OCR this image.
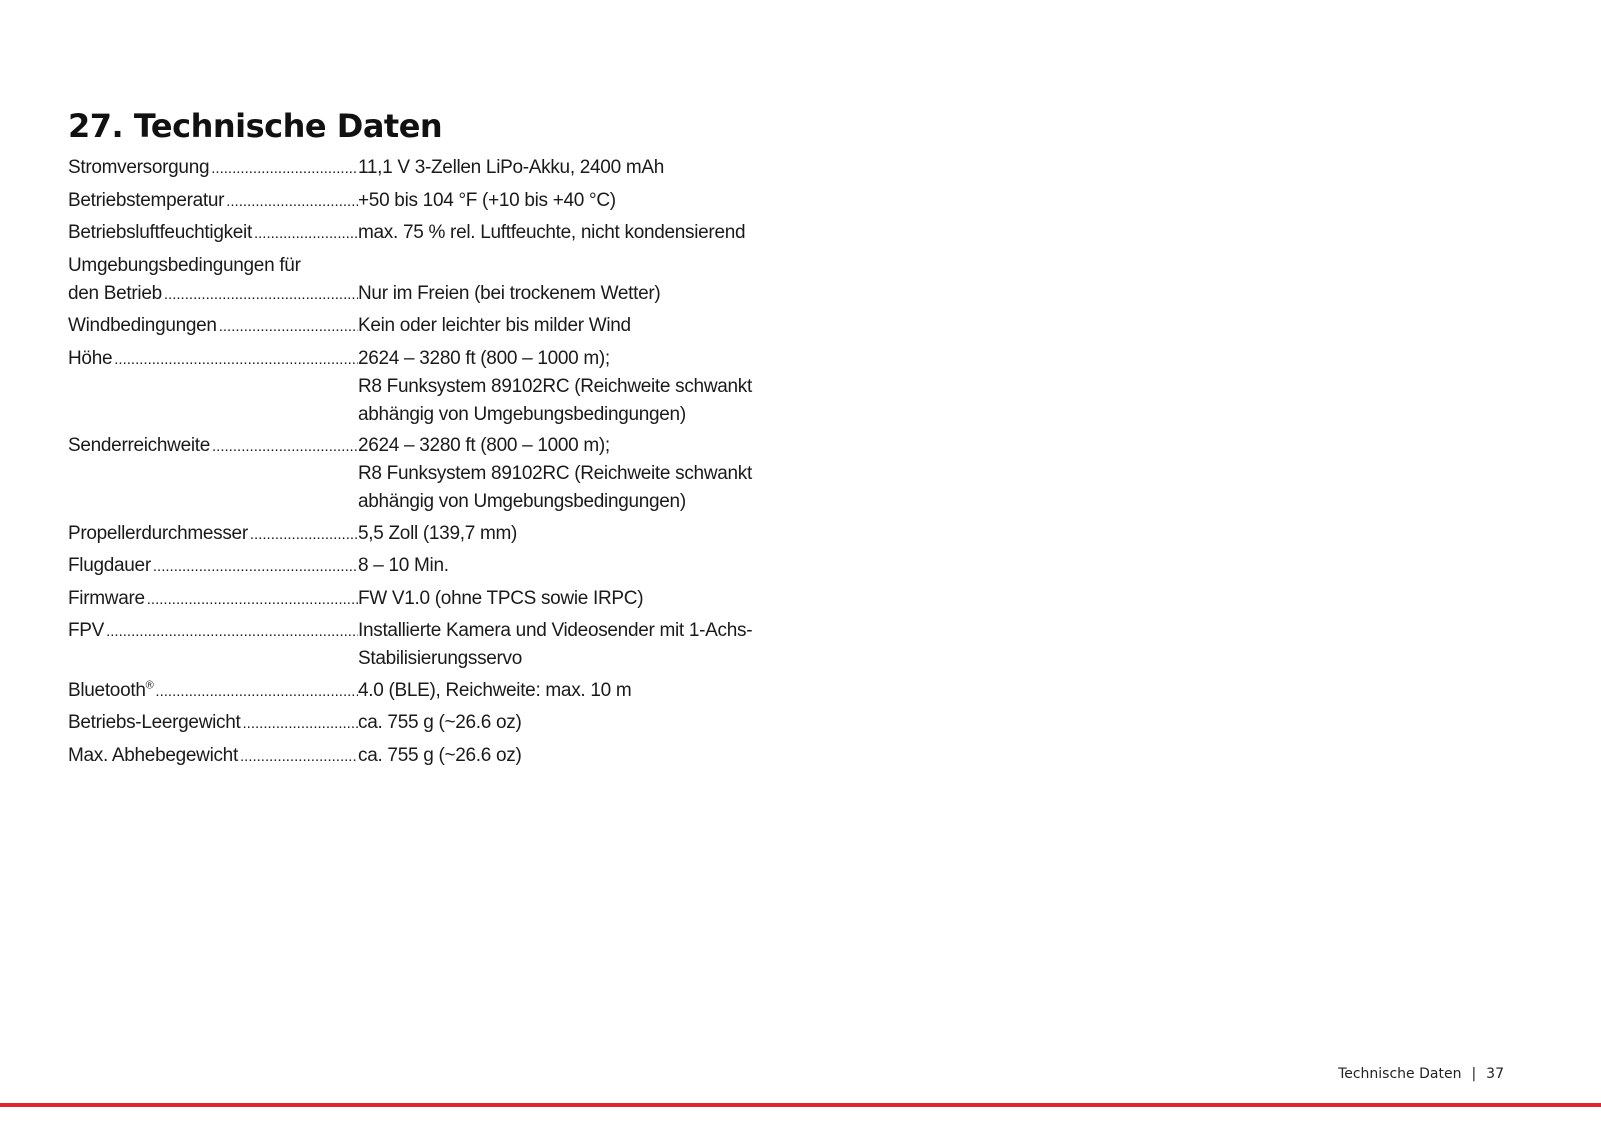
27. Technische Daten
Stromversorgung .....	11,1 V 3-Zellen LiPo-Akku, 2400 mAh
Betriebstemperatur .....	+50 bis 104 °F (+10 bis +40 °C)
Betriebsluftfeuchtigkeit .....	max. 75 % rel. Luftfeuchte, nicht kondensierend
Umgebungsbedingungen für
den Betrieb .....	Nur im Freien (bei trockenem Wetter)
Windbedingungen .....	Kein oder leichter bis milder Wind
Höhe .....	2624 – 3280 ft (800 – 1000 m);
R8 Funksystem 89102RC (Reichweite schwankt
abhängig von Umgebungsbedingungen)
Senderreichweite .....	2624 – 3280 ft (800 – 1000 m);
R8 Funksystem 89102RC (Reichweite schwankt
abhängig von Umgebungsbedingungen)
Propellerdurchmesser .....	5,5 Zoll (139,7 mm)
Flugdauer .....	8 – 10 Min.
Firmware .....	FW V1.0 (ohne TPCS sowie IRPC)
FPV .....	Installierte Kamera und Videosender mit 1-Achs-
Stabilisierungsservo
Bluetooth® .....	4.0 (BLE), Reichweite: max. 10 m
Betriebs-Leergewicht .....	ca. 755 g (~26.6 oz)
Max. Abhebegewicht .....	ca. 755 g (~26.6 oz)
Technische Daten | 37
